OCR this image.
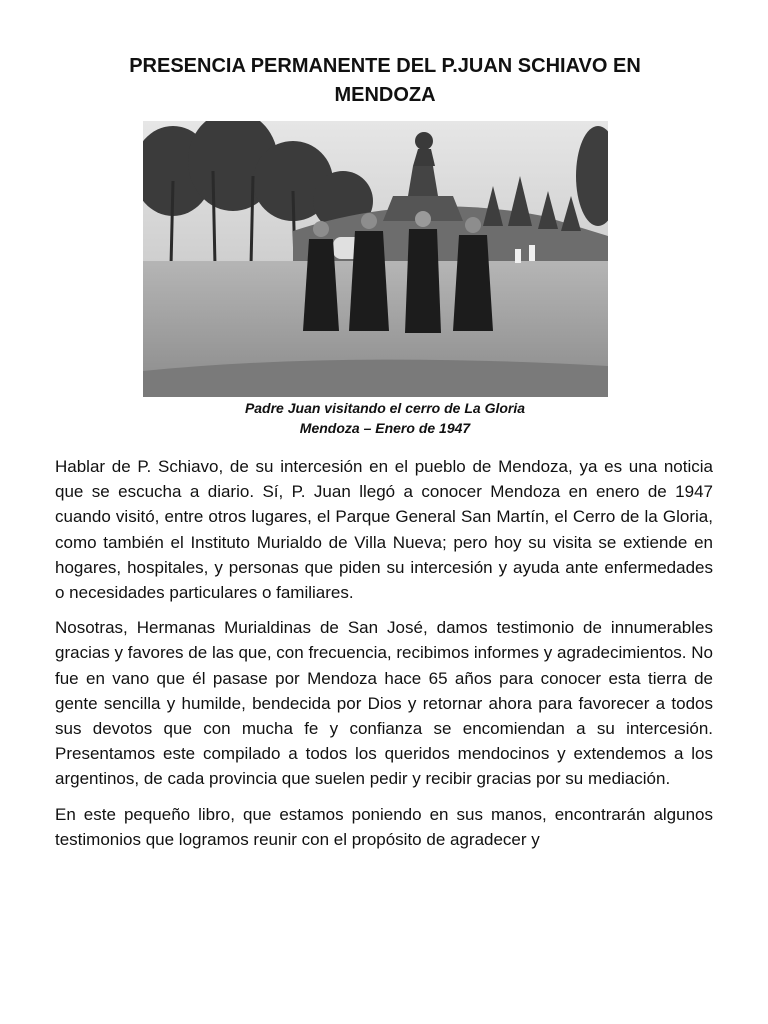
PRESENCIA PERMANENTE DEL P.JUAN SCHIAVO EN MENDOZA
Padre Juan visitando el cerro de La Gloria
Mendoza – Enero de 1947

Hablar de P. Schiavo, de su intercesión en el pueblo de Mendoza, ya es una noticia que se escucha a diario. Sí, P. Juan llegó a conocer Mendoza en enero de 1947 cuando visitó, entre otros lugares, el Parque General San Martín, el Cerro de la Gloria, como también el Instituto Murialdo de Villa Nueva; pero hoy su visita se extiende en hogares, hospitales, y personas que piden su intercesión y ayuda ante enfermedades o necesidades particulares o familiares.

Nosotras, Hermanas Murialdinas de San José, damos testimonio de innumerables gracias y favores de las que, con frecuencia, recibimos informes y agradecimientos. No fue en vano que él pasase por Mendoza hace 65 años para conocer esta tierra de gente sencilla y humilde, bendecida por Dios y retornar ahora para favorecer a todos sus devotos que con mucha fe y confianza se encomiendan a su intercesión. Presentamos este compilado a todos los queridos mendocinos y extendemos a los argentinos, de cada provincia que suelen pedir y recibir gracias por su mediación.

En este pequeño libro, que estamos poniendo en sus manos, encontrarán algunos testimonios que logramos reunir con el propósito de agradecer y
